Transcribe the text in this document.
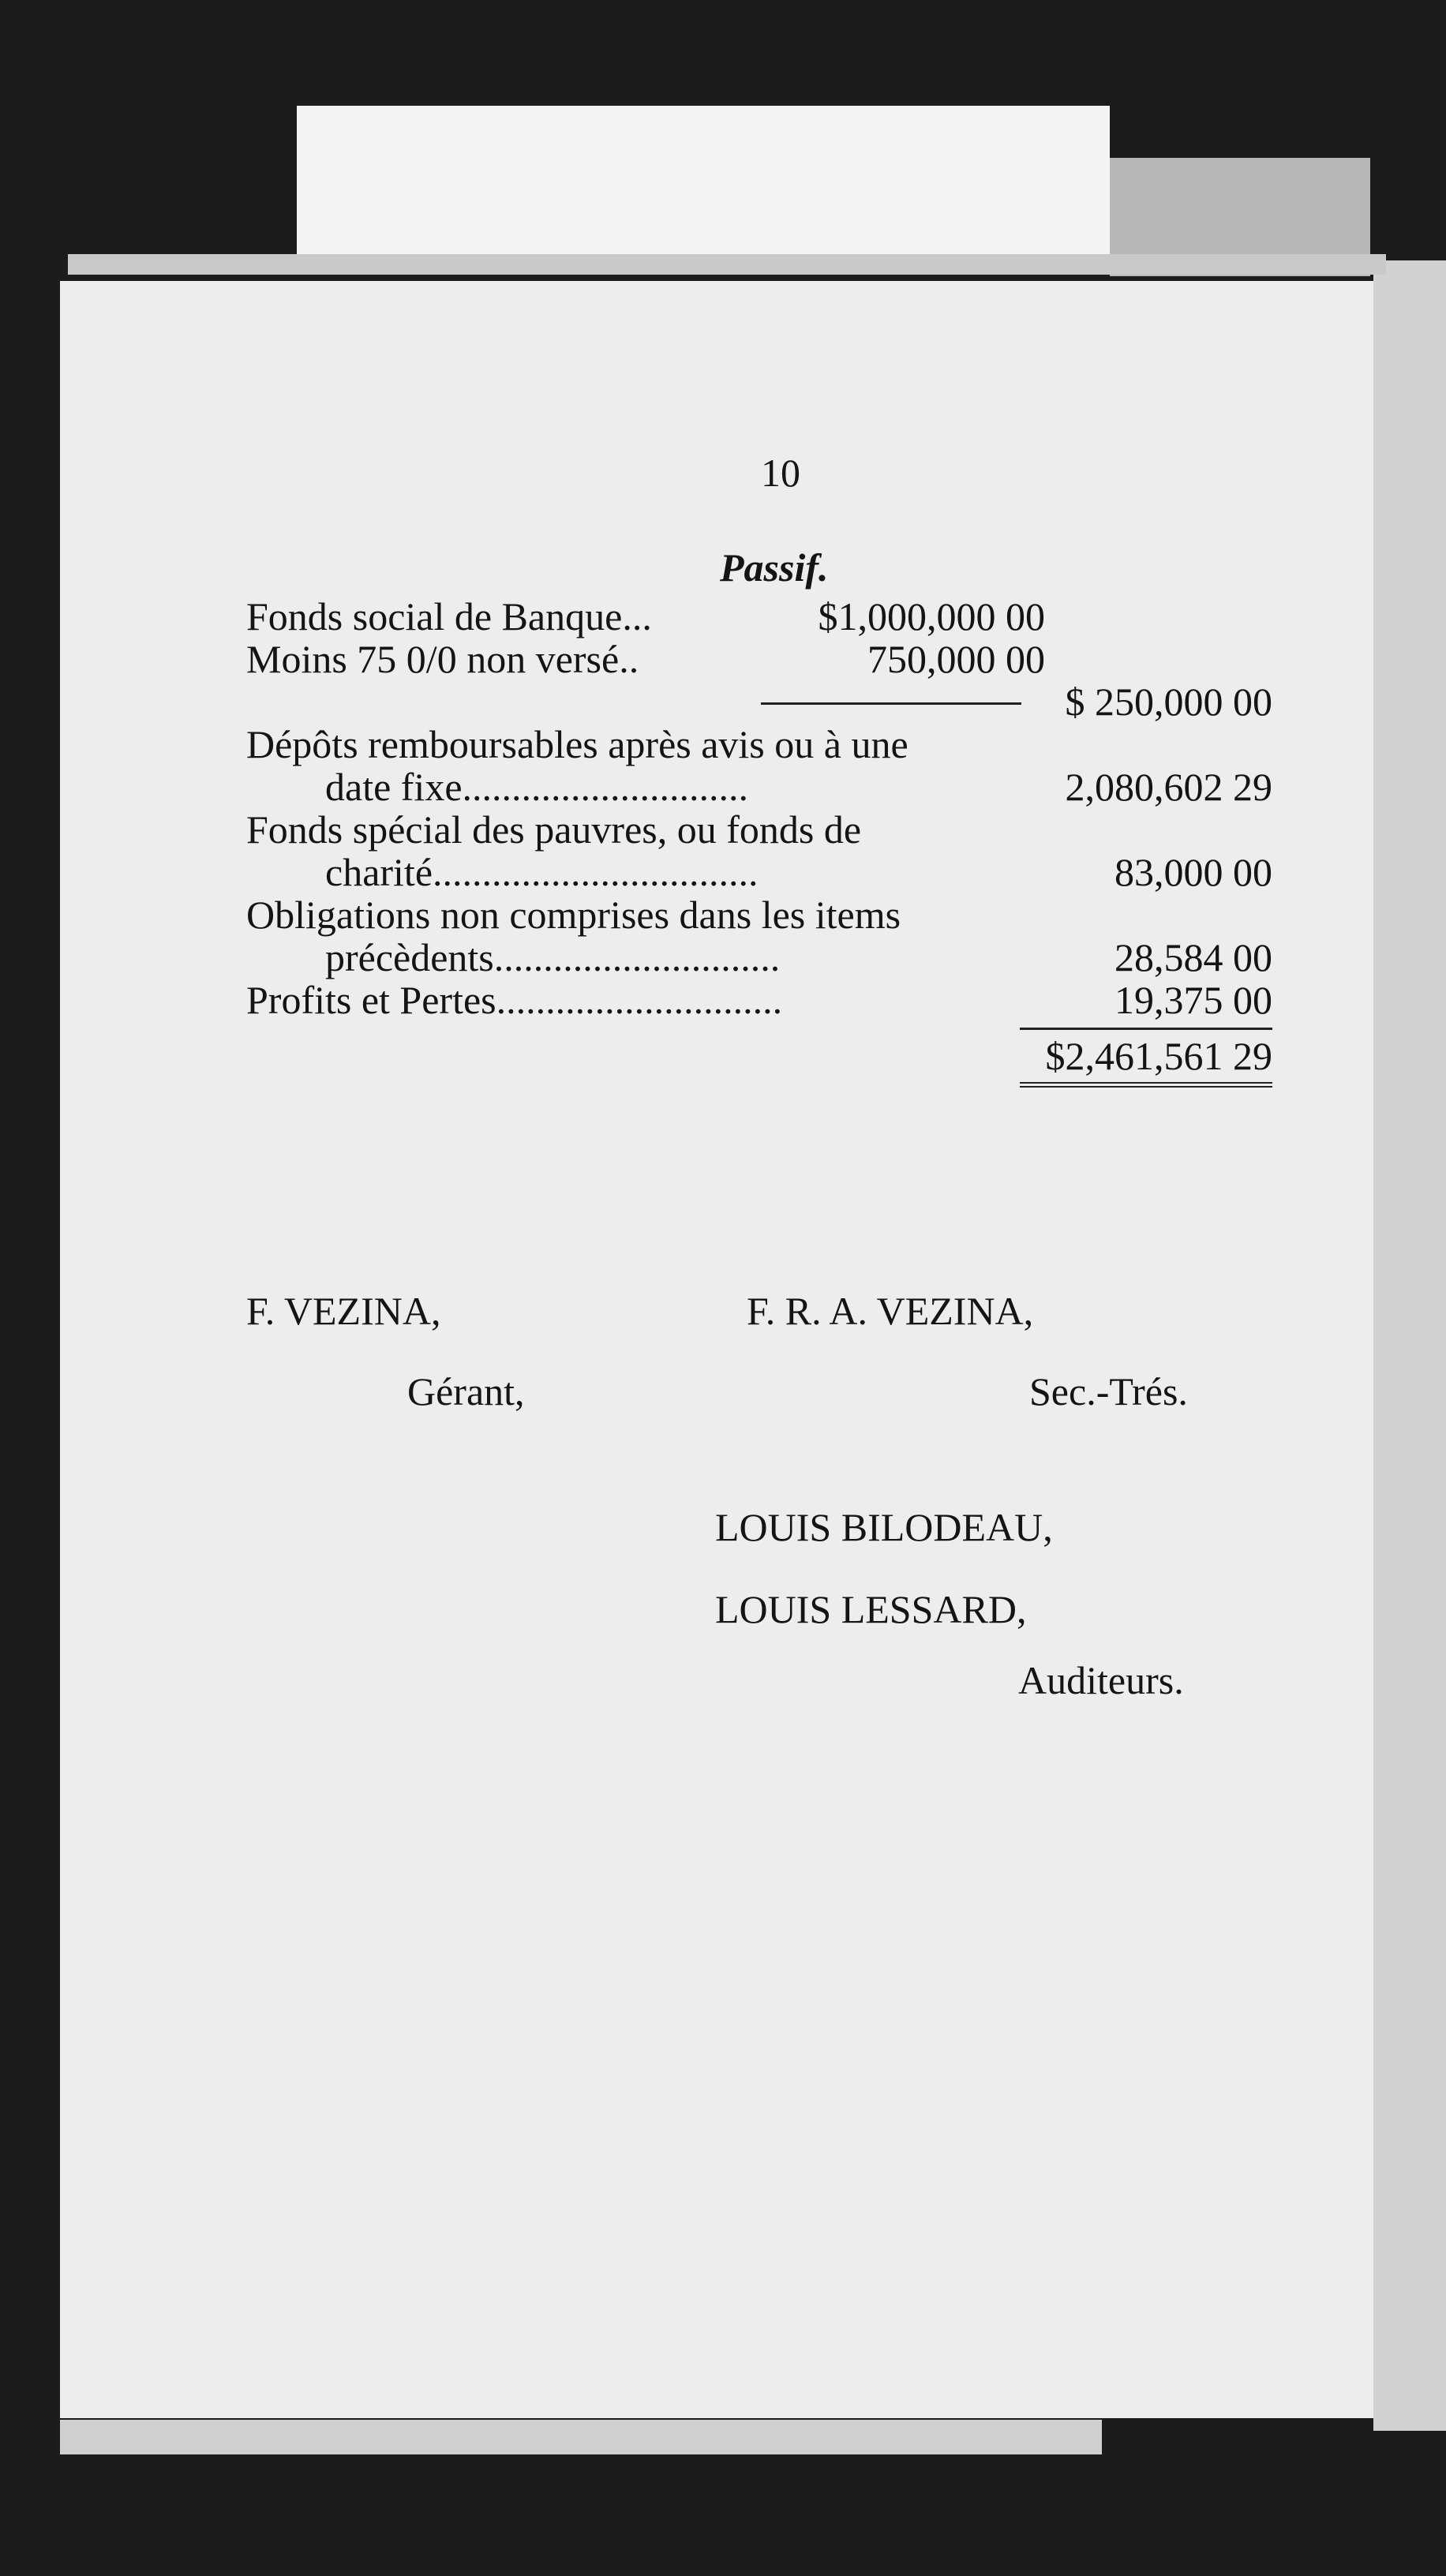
10
Passif.
Fonds social de Banque...	$1,000,000 00
Moins 75 0/0 non versé..	750,000 00
$ 250,000 00
Dépôts remboursables après avis ou à une
date fixe.............................	2,080,602 29
Fonds spécial des pauvres, ou fonds de
charité.................................	83,000 00
Obligations non comprises dans les items
précèdents.............................	28,584 00
Profits et Pertes.............................	19,375 00
$2,461,561 29
F. VEZINA,
Gérant,
F. R. A. VEZINA,
Sec.-Trés.
LOUIS BILODEAU,
LOUIS LESSARD,
Auditeurs.
